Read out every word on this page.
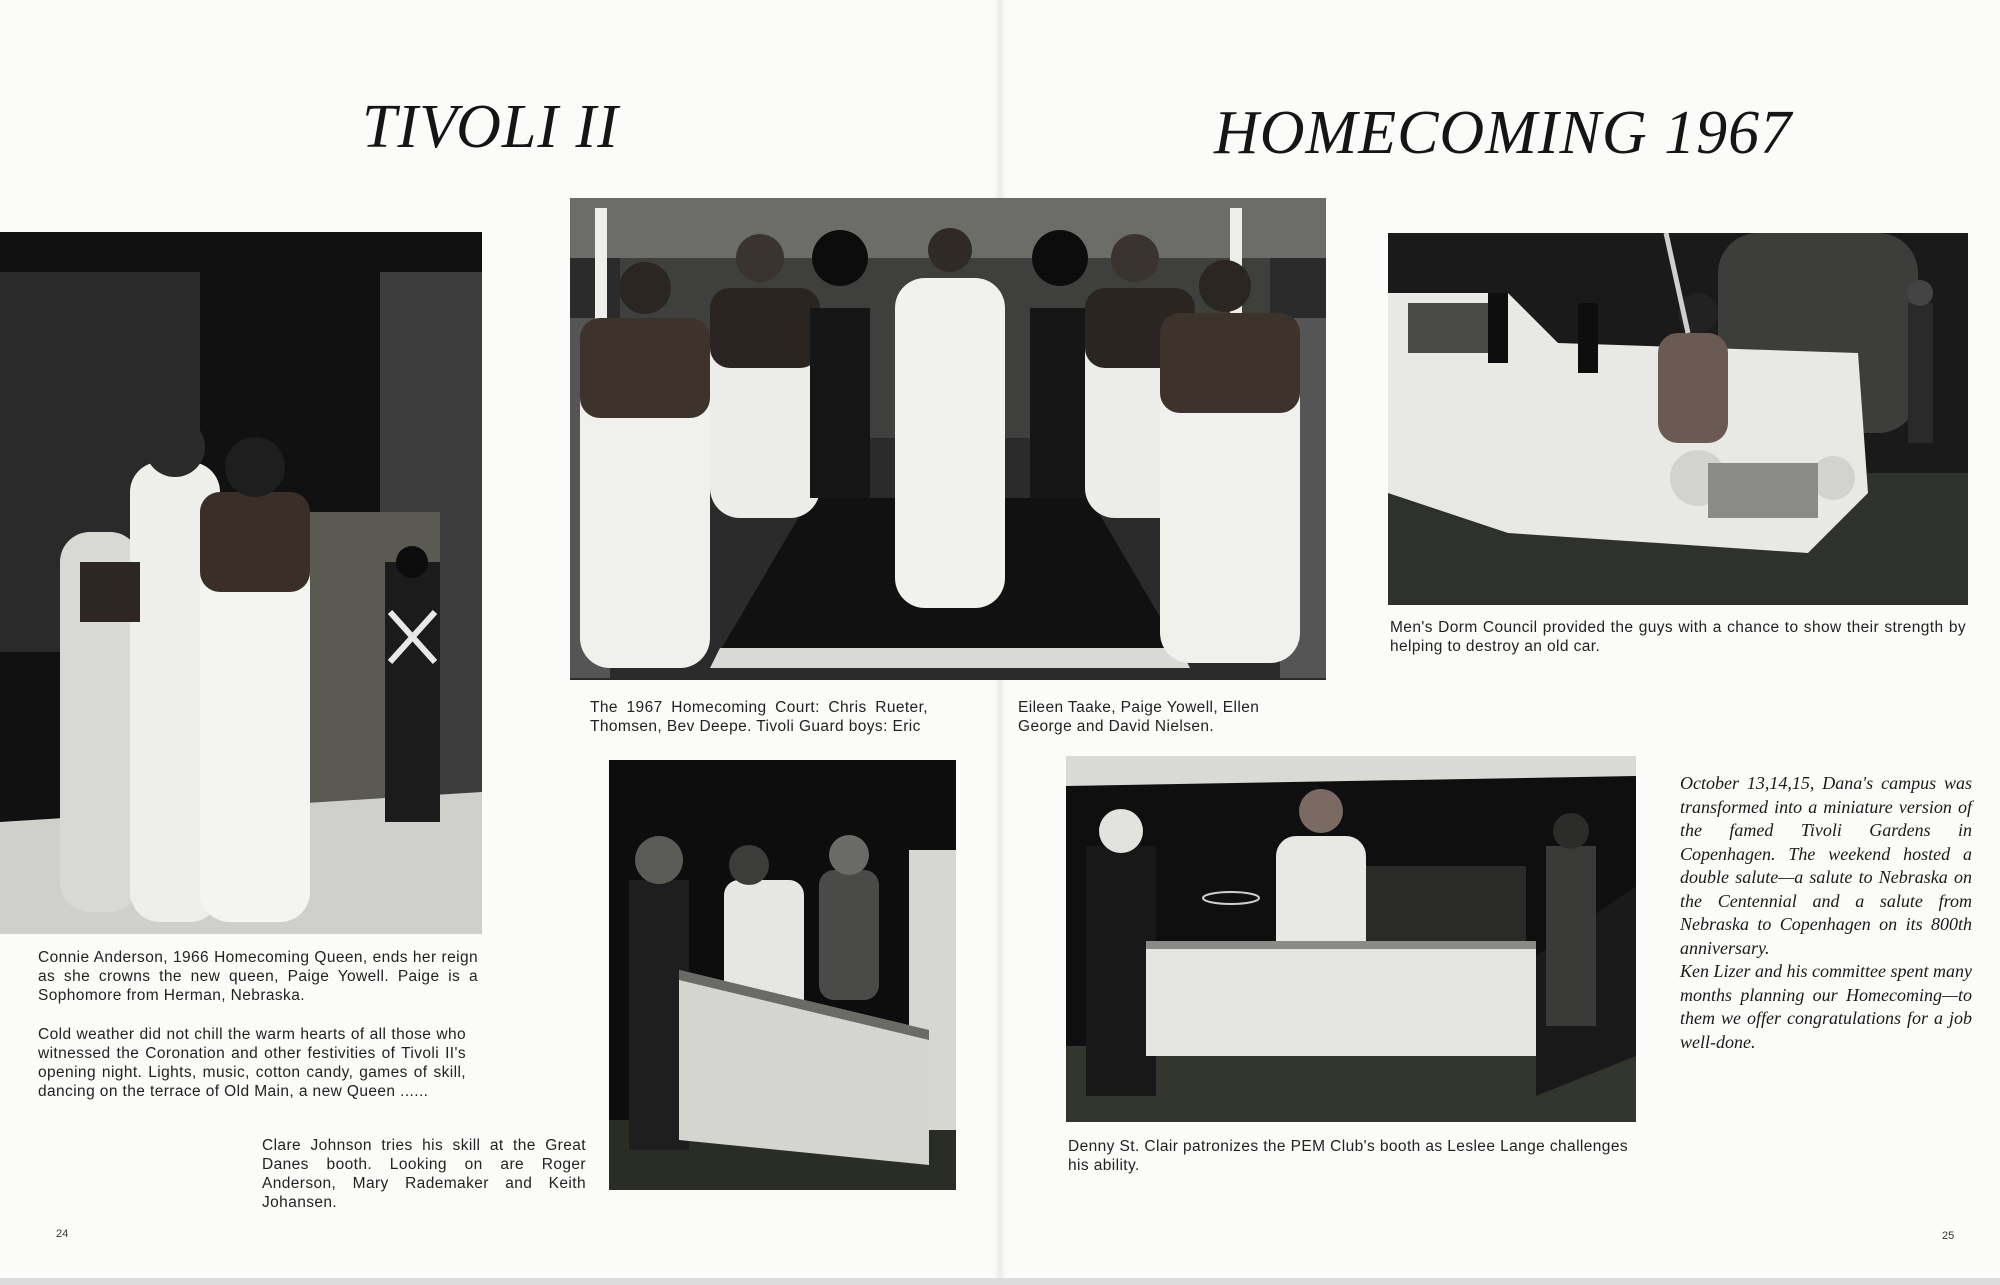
TIVOLI II	HOMECOMING 1967

Connie Anderson, 1966 Homecoming Queen, ends her reign as she crowns the new queen, Paige Yowell. Paige is a Sophomore from Herman, Nebraska.

Cold weather did not chill the warm hearts of all those who witnessed the Coronation and other festivities of Tivoli II's opening night. Lights, music, cotton candy, games of skill, dancing on the terrace of Old Main, a new Queen ......

Clare Johnson tries his skill at the Great Danes booth. Looking on are Roger Anderson, Mary Rademaker and Keith Johansen.

The 1967 Homecoming Court: Chris Rueter, Thomsen, Bev Deepe. Tivoli Guard boys: Eric

Eileen Taake, Paige Yowell, Ellen George and David Nielsen.

Men's Dorm Council provided the guys with a chance to show their strength by helping to destroy an old car.

Denny St. Clair patronizes the PEM Club's booth as Leslee Lange challenges his ability.

October 13,14,15, Dana's campus was transformed into a miniature version of the famed Tivoli Gardens in Copenhagen. The weekend hosted a double salute—a salute to Nebraska on the Centennial and a salute from Nebraska to Copenhagen on its 800th anniversary.

Ken Lizer and his committee spent many months planning our Homecoming—to them we offer congratulations for a job well-done.

24	25
